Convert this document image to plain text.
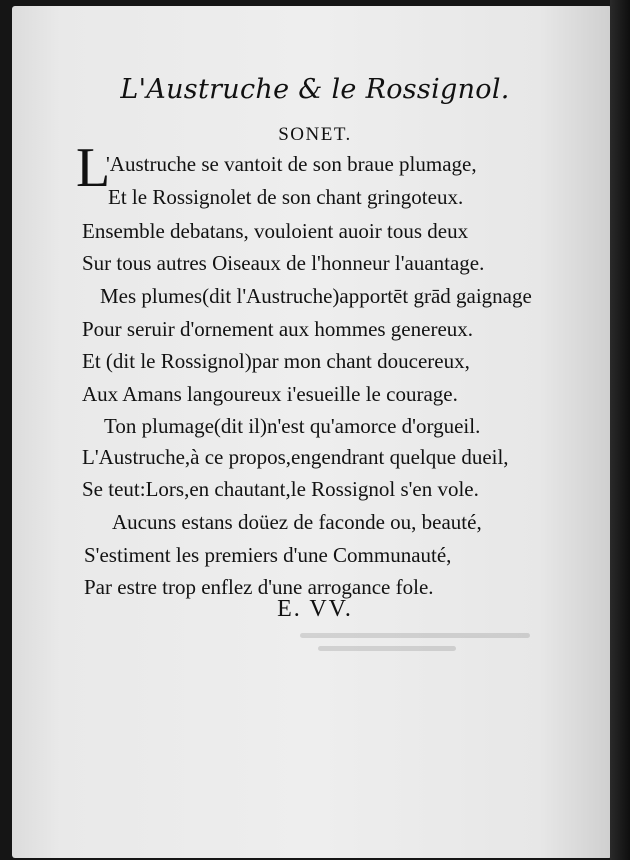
L'Austruche & le Rossignol.
SONET.
L
'Austruche se vantoit de son braue plumage,
Et le Rossignolet de son chant gringoteux.
Ensemble debatans, vouloient auoir tous deux
Sur tous autres Oiseaux de l'honneur l'auantage.
Mes plumes(dit l'Austruche)apportēt grād gaignage
Pour seruir d'ornement aux hommes genereux.
Et (dit le Rossignol)par mon chant doucereux,
Aux Amans langoureux i'esueille le courage.
Ton plumage(dit il)n'est qu'amorce d'orgueil.
L'Austruche,à ce propos,engendrant quelque dueil,
Se teut:Lors,en chautant,le Rossignol s'en vole.
Aucuns estans doüez de faconde ou, beauté,
S'estiment les premiers d'une Communauté,
Par estre trop enflez d'une arrogance fole.
E. VV.
